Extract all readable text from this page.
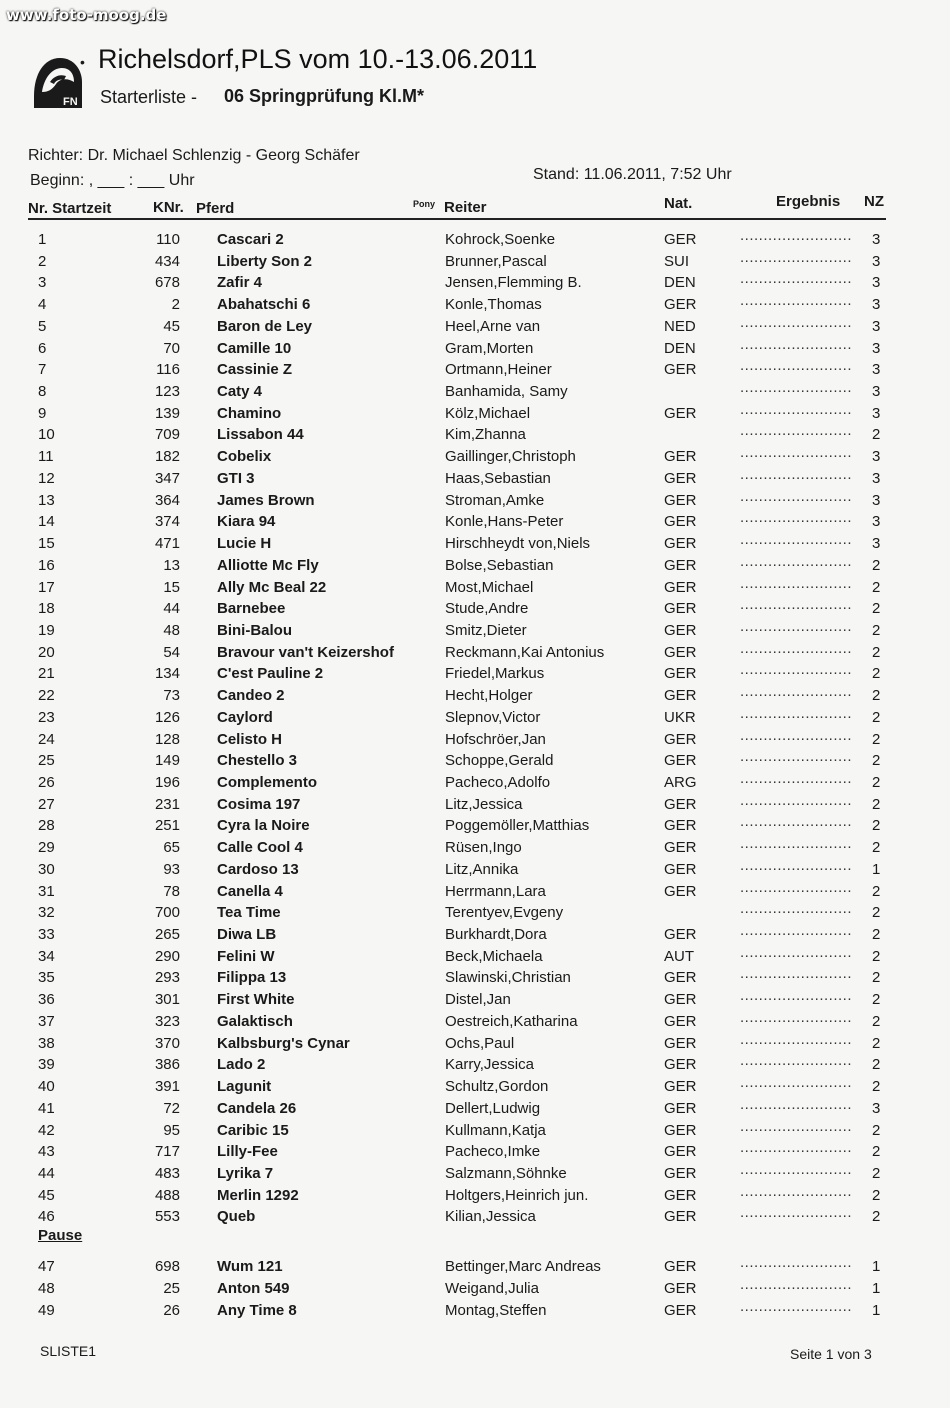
www.foto-moog.de
FN
• Richelsdorf,PLS vom 10.-13.06.2011
Starterliste - 06 Springprüfung Kl.M*
Richter: Dr. Michael Schlenzig - Georg Schäfer
Beginn: , ___ : ___ Uhr	Stand: 11.06.2011, 7:52 Uhr
Nr. Startzeit	KNr. Pferd	Pony Reiter	Nat.	Ergebnis NZ
1	110 Cascari 2	Kohrock,Soenke	GER	........................ 3
2	434 Liberty Son 2	Brunner,Pascal	SUI	........................ 3
3	678 Zafir 4	Jensen,Flemming B.	DEN	........................ 3
4	2 Abahatschi 6	Konle,Thomas	GER	........................ 3
5	45 Baron de Ley	Heel,Arne van	NED	........................ 3
6	70 Camille 10	Gram,Morten	DEN	........................ 3
7	116 Cassinie Z	Ortmann,Heiner	GER	........................ 3
8	123 Caty 4	Banhamida, Samy	........................ 3
9	139 Chamino	Kölz,Michael	GER	........................ 3
10	709 Lissabon 44	Kim,Zhanna	........................ 2
11	182 Cobelix	Gaillinger,Christoph	GER	........................ 3
12	347 GTI 3	Haas,Sebastian	GER	........................ 3
13	364 James Brown	Stroman,Amke	GER	........................ 3
14	374 Kiara 94	Konle,Hans-Peter	GER	........................ 3
15	471 Lucie H	Hirschheydt von,Niels	GER	........................ 3
16	13 Alliotte Mc Fly	Bolse,Sebastian	GER	........................ 2
17	15 Ally Mc Beal 22	Most,Michael	GER	........................ 2
18	44 Barnebee	Stude,Andre	GER	........................ 2
19	48 Bini-Balou	Smitz,Dieter	GER	........................ 2
20	54 Bravour van't Keizershof	Reckmann,Kai Antonius	GER	........................ 2
21	134 C'est Pauline 2	Friedel,Markus	GER	........................ 2
22	73 Candeo 2	Hecht,Holger	GER	........................ 2
23	126 Caylord	Slepnov,Victor	UKR	........................ 2
24	128 Celisto H	Hofschröer,Jan	GER	........................ 2
25	149 Chestello 3	Schoppe,Gerald	GER	........................ 2
26	196 Complemento	Pacheco,Adolfo	ARG	........................ 2
27	231 Cosima 197	Litz,Jessica	GER	........................ 2
28	251 Cyra la Noire	Poggemöller,Matthias	GER	........................ 2
29	65 Calle Cool 4	Rüsen,Ingo	GER	........................ 2
30	93 Cardoso 13	Litz,Annika	GER	........................ 1
31	78 Canella 4	Herrmann,Lara	GER	........................ 2
32	700 Tea Time	Terentyev,Evgeny	........................ 2
33	265 Diwa LB	Burkhardt,Dora	GER	........................ 2
34	290 Felini W	Beck,Michaela	AUT	........................ 2
35	293 Filippa 13	Slawinski,Christian	GER	........................ 2
36	301 First White	Distel,Jan	GER	........................ 2
37	323 Galaktisch	Oestreich,Katharina	GER	........................ 2
38	370 Kalbsburg's Cynar	Ochs,Paul	GER	........................ 2
39	386 Lado 2	Karry,Jessica	GER	........................ 2
40	391 Lagunit	Schultz,Gordon	GER	........................ 2
41	72 Candela 26	Dellert,Ludwig	GER	........................ 3
42	95 Caribic 15	Kullmann,Katja	GER	........................ 2
43	717 Lilly-Fee	Pacheco,Imke	GER	........................ 2
44	483 Lyrika 7	Salzmann,Söhnke	GER	........................ 2
45	488 Merlin 1292	Holtgers,Heinrich jun.	GER	........................ 2
46	553 Queb	Kilian,Jessica	GER	........................ 2
Pause
47	698 Wum 121	Bettinger,Marc Andreas	GER	........................ 1
48	25 Anton 549	Weigand,Julia	GER	........................ 1
49	26 Any Time 8	Montag,Steffen	GER	........................ 1
SLISTE1	Seite 1 von 3
